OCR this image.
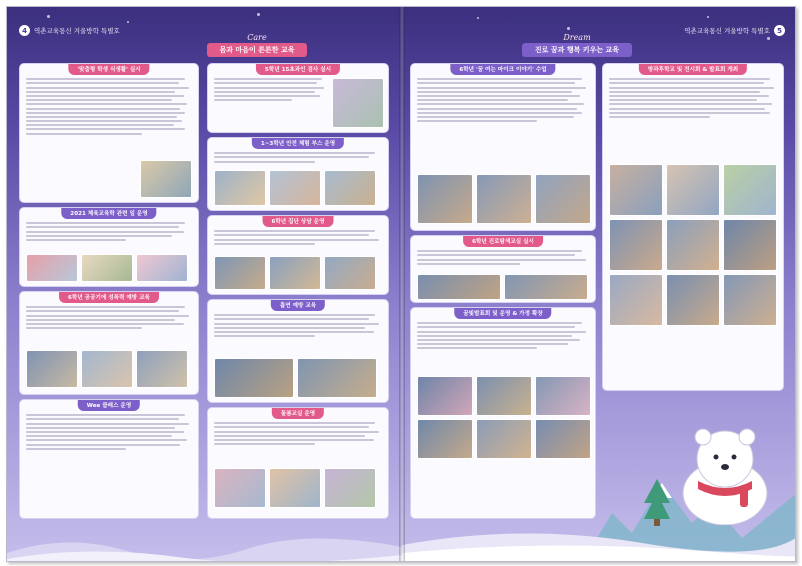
4	역촌교육통신 겨울방학 특별호
Care
몸과 마음이 튼튼한 교육
'맞춤형 학생 식생활' 실시
2021 체육교육학 관련 일 운영
6학년 공공기에 성폭력 예방 교육
Wee 클래스 운영
5학년 15초과인 검사 실시
1~3학년 안전 체험 부스 운영
6학년 집단 상담 운영
흡연 예방 교육
돌봄교실 운영
역촌교육통신 겨울방학 특별호	5
Dream
진로 꿈과 행복 키우는 교육
6학년 '꿈 여는 마이크 이야기' 수업
6학년 진로탐색교실 실시
꿈빛발표회 및 운영 & 가정 확장
방과후학교 및 전시회 & 발표회 개최
